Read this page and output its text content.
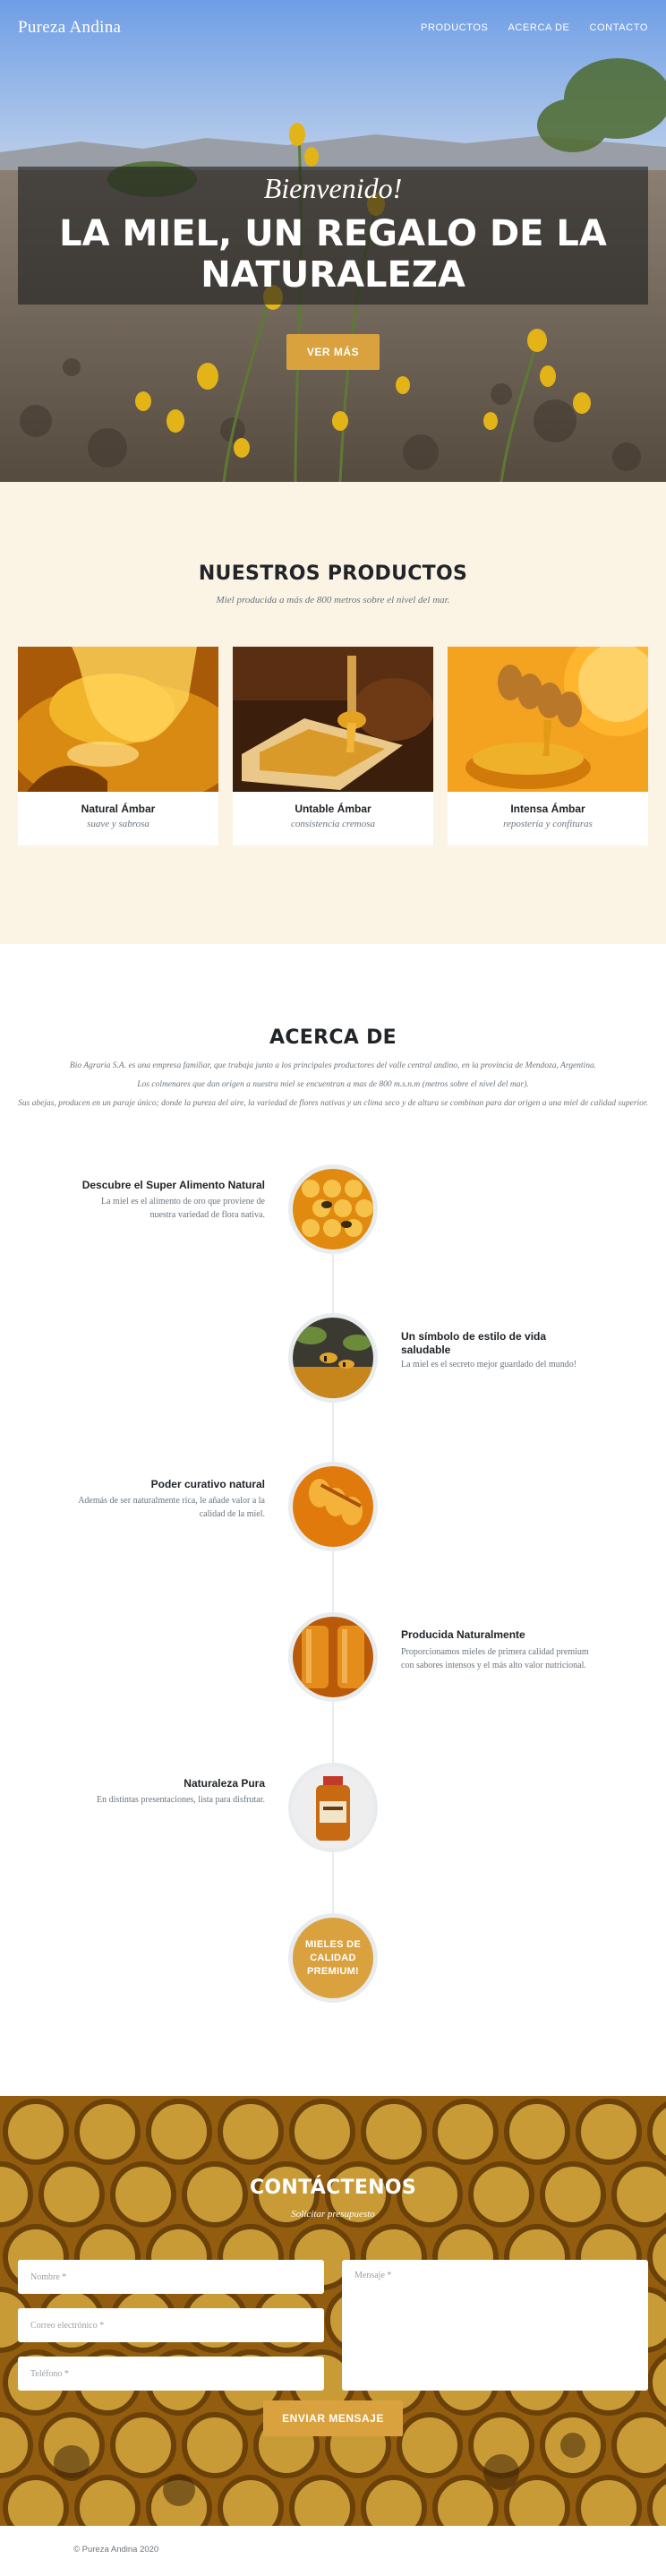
Pureza Andina	PRODUCTOS ACERCA DE CONTACTO
Bienvenido!
LA MIEL, UN REGALO DE LA NATURALEZA
VER MÁS
NUESTROS PRODUCTOS

Miel producida a más de 800 metros sobre el nivel del mar.

Natural Ámbar
suave y sabrosa
Untable Ámbar
consistencia cremosa
Intensa Ámbar
repostería y confituras
ACERCA DE

Bio Agraria S.A. es una empresa familiar, que trabaja junto a los principales productores del valle central andino, en la provincia de Mendoza, Argentina.

Los colmenares que dan origen a nuestra miel se encuentran a mas de 800 m.s.n.m (metros sobre el nivel del mar).

Sus abejas, producen en un paraje único; donde la pureza del aire, la variedad de flores nativas y un clima seco y de altura se combinan para dar origen a una miel de calidad superior.

Descubre el Super Alimento Natural
La miel es el alimento de oro que proviene de nuestra variedad de flora nativa.
Un símbolo de estilo de vida saludable
La miel es el secreto mejor guardado del mundo!
Poder curativo natural
Además de ser naturalmente rica, le añade valor a la calidad de la miel.
Producida Naturalmente
Proporcionamos mieles de primera calidad premium con sabores intensos y el más alto valor nutricional.
Naturaleza Pura
En distintas presentaciones, lista para disfrutar.
MIELES DE CALIDAD PREMIUM!
CONTÁCTENOS

Solicitar presupuesto

Nombre *
Correo electrónico *
Teléfono *
Mensaje *
ENVIAR MENSAJE
© Pureza Andina 2020
